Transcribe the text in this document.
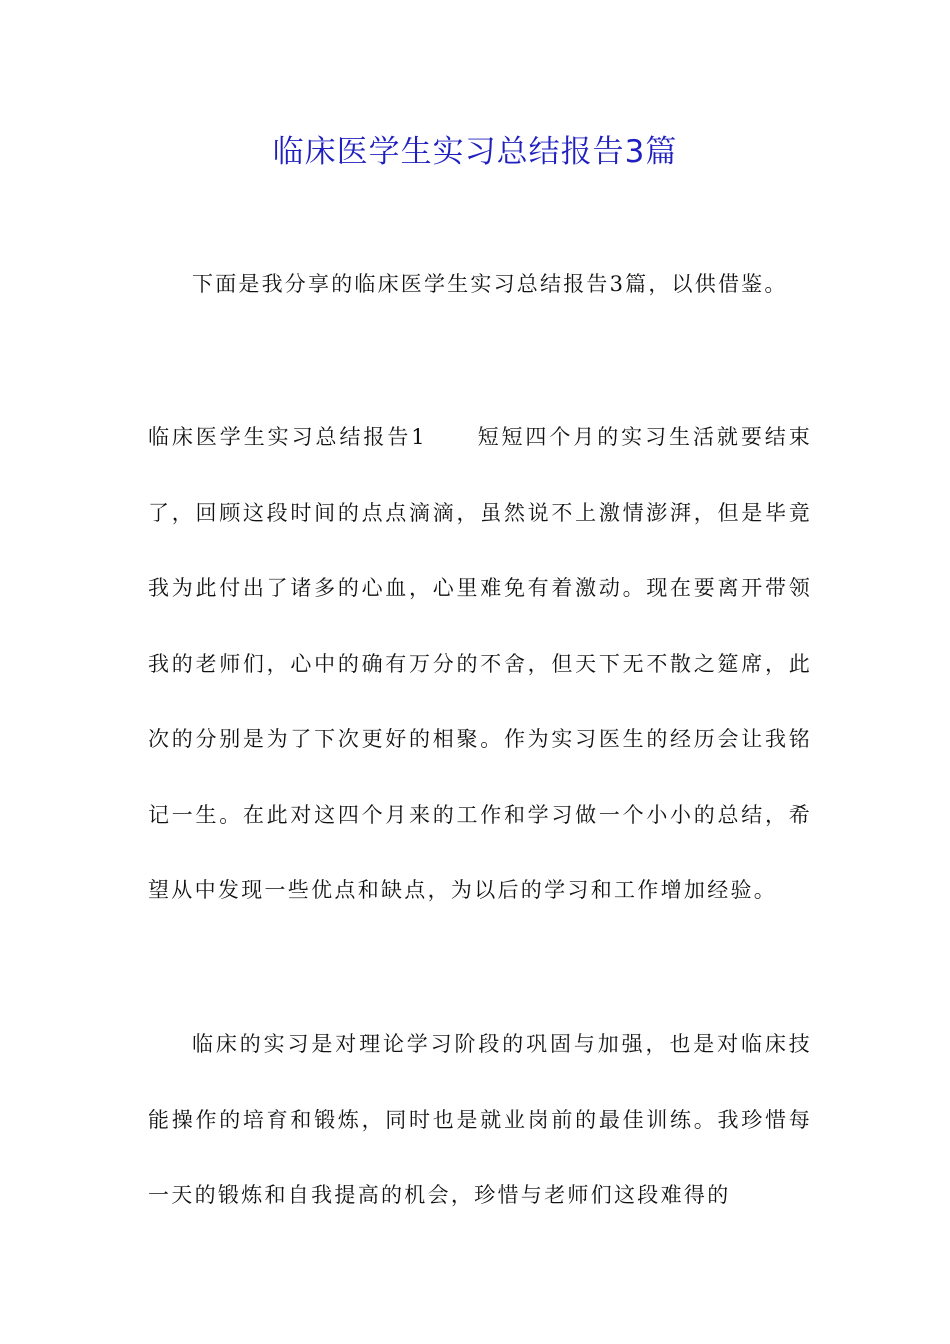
临床医学生实习总结报告3篇

下面是我分享的临床医学生实习总结报告3篇，以供借鉴。

临床医学生实习总结报告1 短短四个月的实习生活就要结束了，回顾这段时间的点点滴滴，虽然说不上激情澎湃，但是毕竟我为此付出了诸多的心血，心里难免有着激动。现在要离开带领我的老师们，心中的确有万分的不舍，但天下无不散之筵席，此次的分别是为了下次更好的相聚。作为实习医生的经历会让我铭记一生。在此对这四个月来的工作和学习做一个小小的总结，希望从中发现一些优点和缺点，为以后的学习和工作增加经验。

临床的实习是对理论学习阶段的巩固与加强，也是对临床技能操作的培育和锻炼，同时也是就业岗前的最佳训练。我珍惜每一天的锻炼和自我提高的机会，珍惜与老师们这段难得的
